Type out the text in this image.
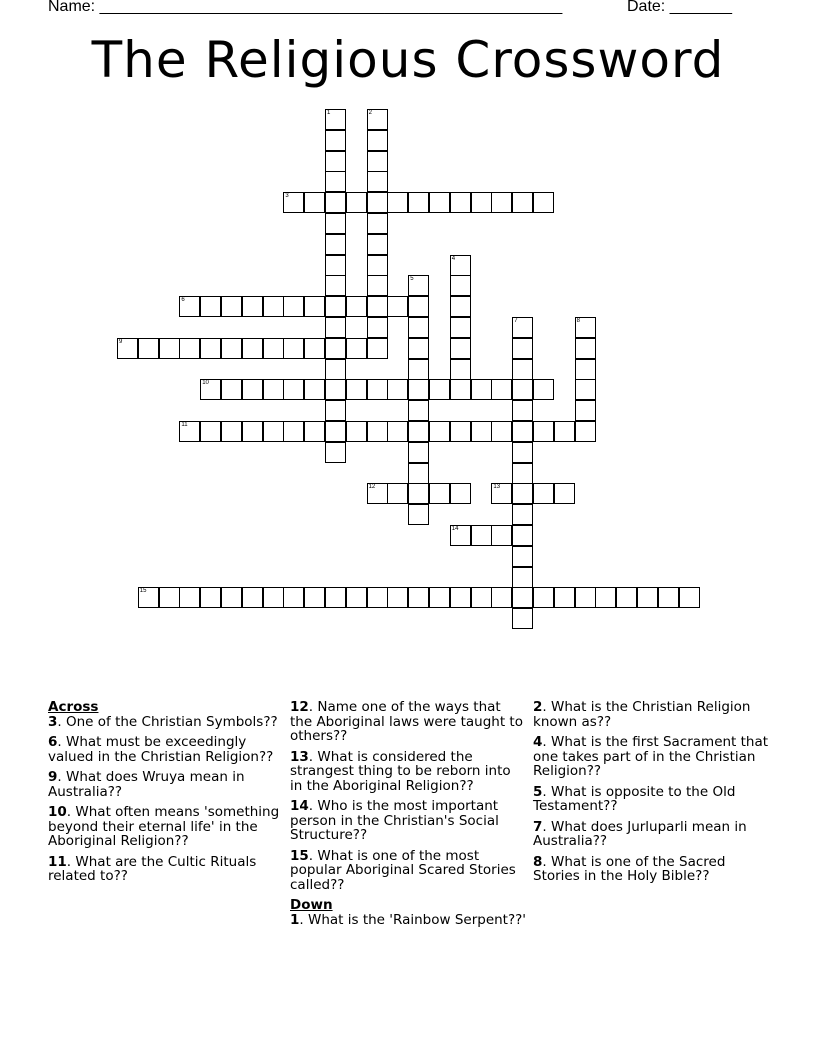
Name: ____________________________________________________	Date: _______
The Religious Crossword
1	2
3
4
5
6
7	8
9
10
11
12	13
14
15

Across

3. One of the Christian Symbols??
6. What must be exceedingly valued in the Christian Religion??
9. What does Wruya mean in Australia??
10. What often means 'something beyond their eternal life' in the Aboriginal Religion??
11. What are the Cultic Rituals related to??
12. Name one of the ways that the Aboriginal laws were taught to others??
13. What is considered the strangest thing to be reborn into in the Aboriginal Religion??
14. Who is the most important person in the Christian's Social Structure??
15. What is one of the most popular Aboriginal Scared Stories called??

Down

1. What is the 'Rainbow Serpent??'
2. What is the Christian Religion known as??
4. What is the first Sacrament that one takes part of in the Christian Religion??
5. What is opposite to the Old Testament??
7. What does Jurluparli mean in Australia??
8. What is one of the Sacred Stories in the Holy Bible??
